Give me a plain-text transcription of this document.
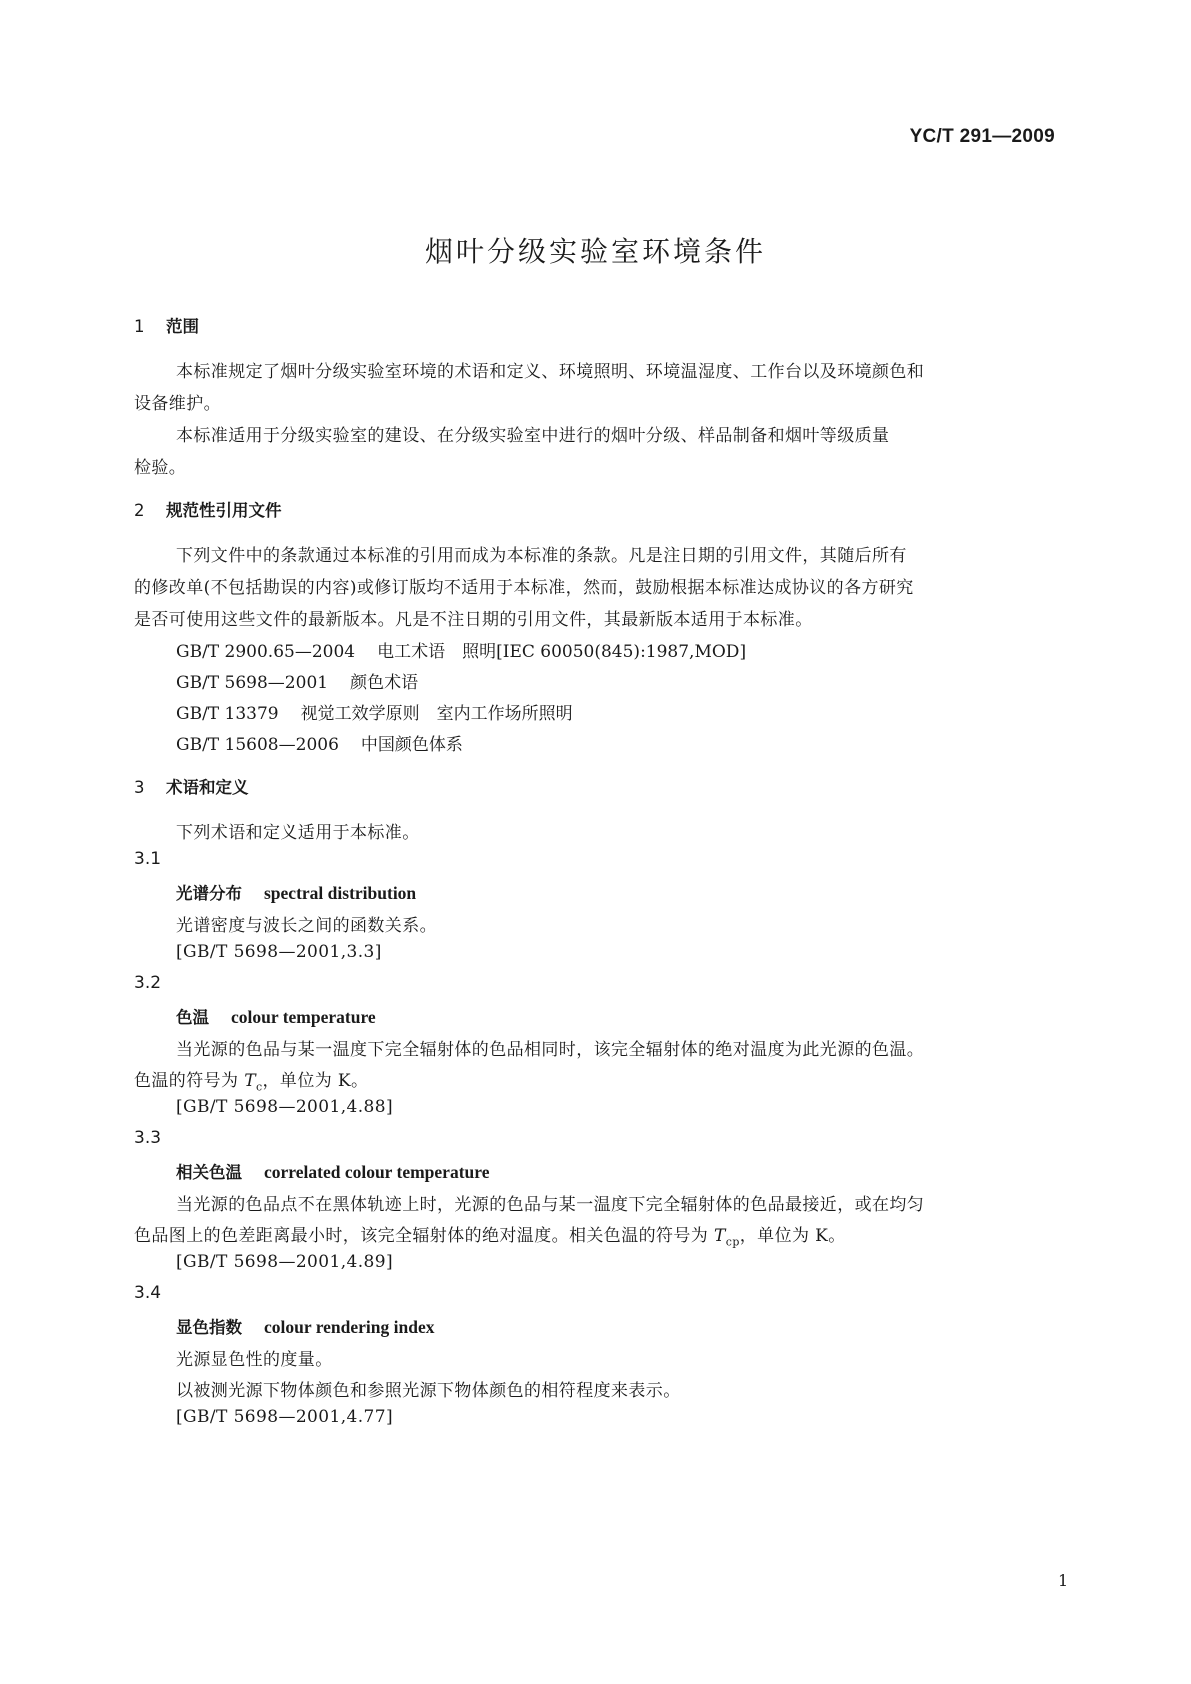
YC/T 291—2009
烟叶分级实验室环境条件
1 范围
本标准规定了烟叶分级实验室环境的术语和定义、环境照明、环境温湿度、工作台以及环境颜色和
设备维护。
本标准适用于分级实验室的建设、在分级实验室中进行的烟叶分级、样品制备和烟叶等级质量
检验。
2 规范性引用文件
下列文件中的条款通过本标准的引用而成为本标准的条款。凡是注日期的引用文件，其随后所有
的修改单(不包括勘误的内容)或修订版均不适用于本标准，然而，鼓励根据本标准达成协议的各方研究
是否可使用这些文件的最新版本。凡是不注日期的引用文件，其最新版本适用于本标准。
GB/T 2900.65—2004 电工术语　照明[IEC 60050(845):1987,MOD]
GB/T 5698—2001 颜色术语
GB/T 13379 视觉工效学原则　室内工作场所照明
GB/T 15608—2006 中国颜色体系
3 术语和定义
下列术语和定义适用于本标准。
3.1
光谱分布 spectral distribution
光谱密度与波长之间的函数关系。
[GB/T 5698—2001,3.3]
3.2
色温 colour temperature
当光源的色品与某一温度下完全辐射体的色品相同时，该完全辐射体的绝对温度为此光源的色温。
色温的符号为 $T_c$，单位为 K。
[GB/T 5698—2001,4.88]
3.3
相关色温 correlated colour temperature
当光源的色品点不在黑体轨迹上时，光源的色品与某一温度下完全辐射体的色品最接近，或在均匀
色品图上的色差距离最小时，该完全辐射体的绝对温度。相关色温的符号为 $T_{cp}$，单位为 K。
[GB/T 5698—2001,4.89]
3.4
显色指数 colour rendering index
光源显色性的度量。
以被测光源下物体颜色和参照光源下物体颜色的相符程度来表示。
[GB/T 5698—2001,4.77]
1
